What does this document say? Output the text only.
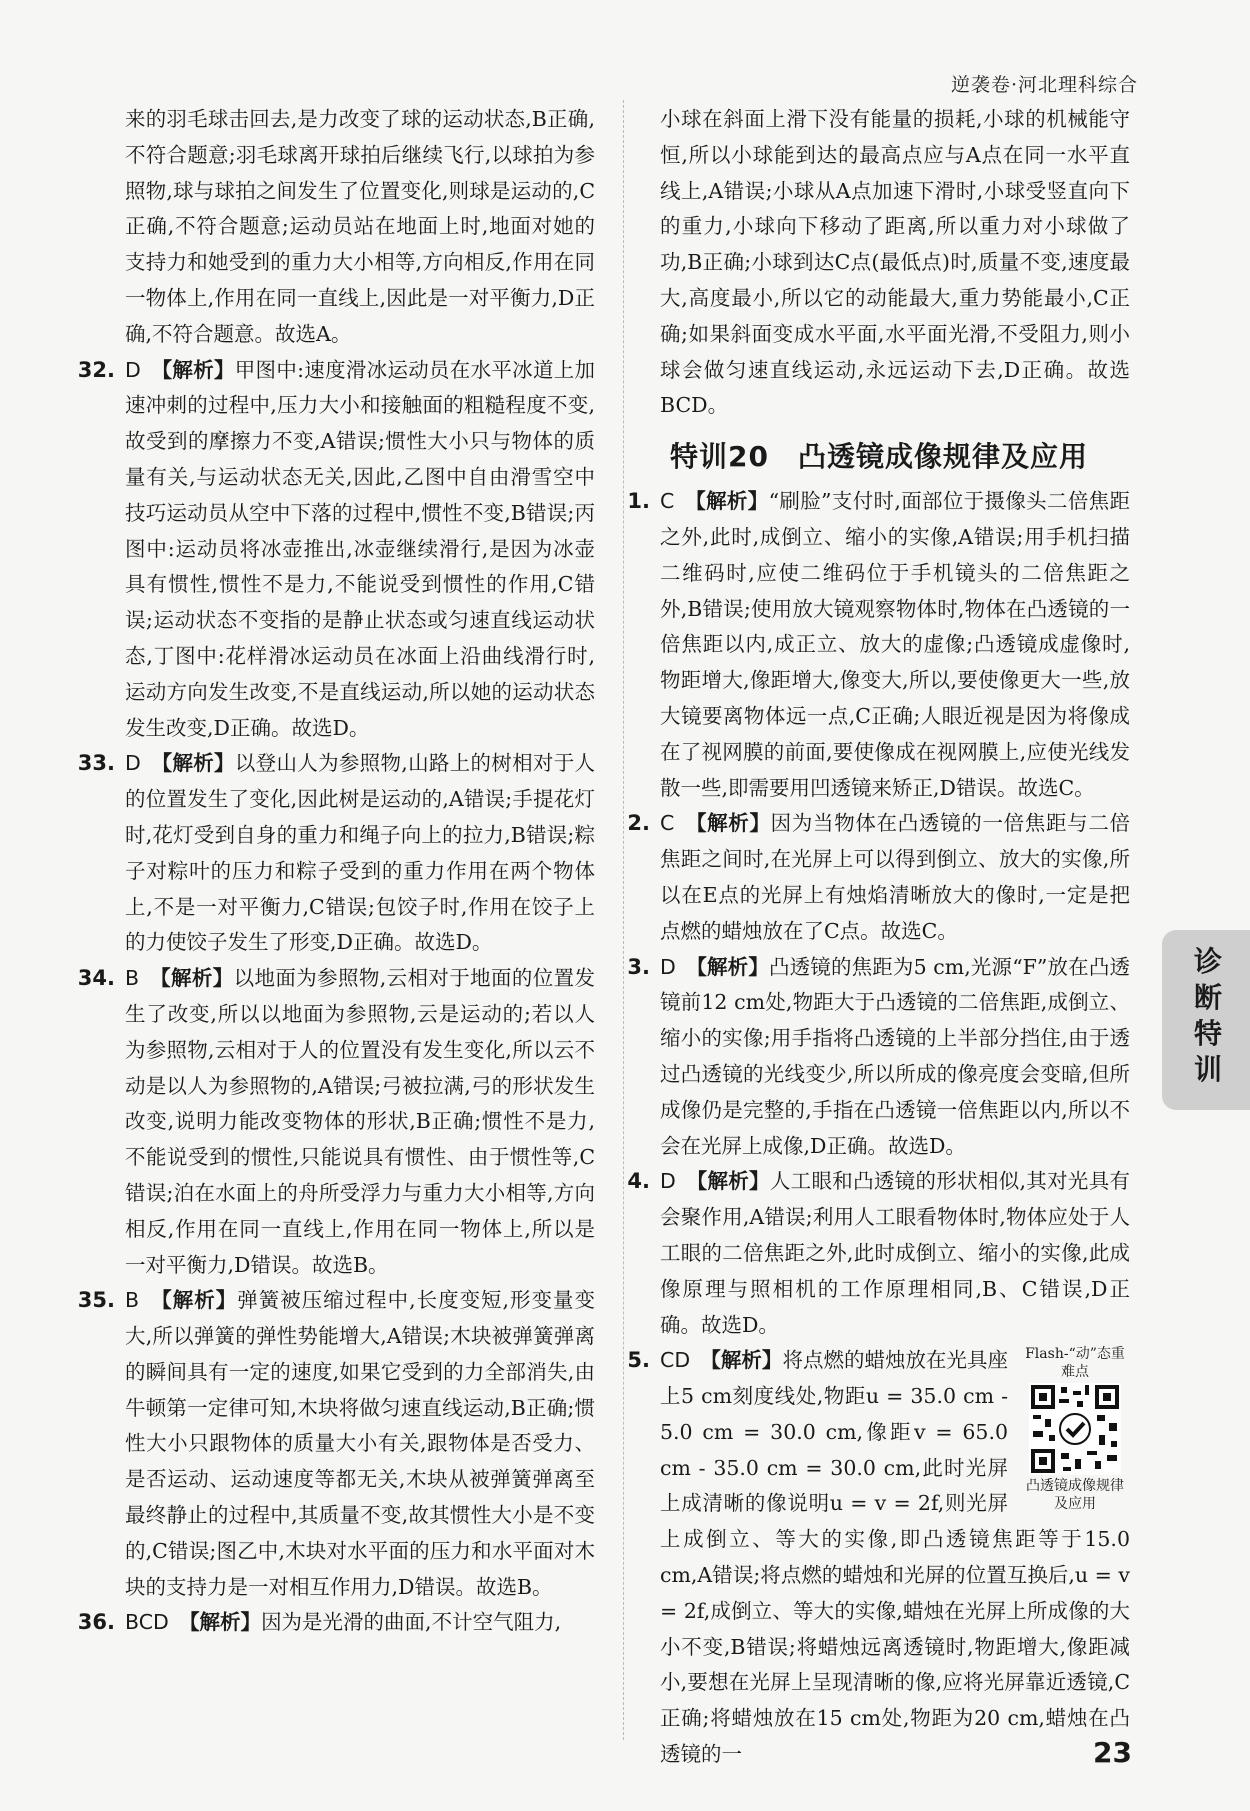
逆袭卷·河北理科综合

来的羽毛球击回去,是力改变了球的运动状态,B正确,不符合题意;羽毛球离开球拍后继续飞行,以球拍为参照物,球与球拍之间发生了位置变化,则球是运动的,C正确,不符合题意;运动员站在地面上时,地面对她的支持力和她受到的重力大小相等,方向相反,作用在同一物体上,作用在同一直线上,因此是一对平衡力,D正确,不符合题意。故选A。

32. D　 【解析】甲图中:速度滑冰运动员在水平冰道上加速冲刺的过程中,压力大小和接触面的粗糙程度不变,故受到的摩擦力不变,A错误;惯性大小只与物体的质量有关,与运动状态无关,因此,乙图中自由滑雪空中技巧运动员从空中下落的过程中,惯性不变,B错误;丙图中:运动员将冰壶推出,冰壶继续滑行,是因为冰壶具有惯性,惯性不是力,不能说受到惯性的作用,C错误;运动状态不变指的是静止状态或匀速直线运动状态,丁图中:花样滑冰运动员在冰面上沿曲线滑行时,运动方向发生改变,不是直线运动,所以她的运动状态发生改变,D正确。故选D。

33. D　 【解析】以登山人为参照物,山路上的树相对于人的位置发生了变化,因此树是运动的,A错误;手提花灯时,花灯受到自身的重力和绳子向上的拉力,B错误;粽子对粽叶的压力和粽子受到的重力作用在两个物体上,不是一对平衡力,C错误;包饺子时,作用在饺子上的力使饺子发生了形变,D正确。故选D。

34. B　 【解析】以地面为参照物,云相对于地面的位置发生了改变,所以以地面为参照物,云是运动的;若以人为参照物,云相对于人的位置没有发生变化,所以云不动是以人为参照物的,A错误;弓被拉满,弓的形状发生改变,说明力能改变物体的形状,B正确;惯性不是力,不能说受到的惯性,只能说具有惯性、由于惯性等,C错误;泊在水面上的舟所受浮力与重力大小相等,方向相反,作用在同一直线上,作用在同一物体上,所以是一对平衡力,D错误。故选B。

35. B　 【解析】弹簧被压缩过程中,长度变短,形变量变大,所以弹簧的弹性势能增大,A错误;木块被弹簧弹离的瞬间具有一定的速度,如果它受到的力全部消失,由牛顿第一定律可知,木块将做匀速直线运动,B正确;惯性大小只跟物体的质量大小有关,跟物体是否受力、是否运动、运动速度等都无关,木块从被弹簧弹离至最终静止的过程中,其质量不变,故其惯性大小是不变的,C错误;图乙中,木块对水平面的压力和水平面对木块的支持力是一对相互作用力,D错误。故选B。

36. BCD　 【解析】因为是光滑的曲面,不计空气阻力,

小球在斜面上滑下没有能量的损耗,小球的机械能守恒,所以小球能到达的最高点应与A点在同一水平直线上,A错误;小球从A点加速下滑时,小球受竖直向下的重力,小球向下移动了距离,所以重力对小球做了功,B正确;小球到达C点(最低点)时,质量不变,速度最大,高度最小,所以它的动能最大,重力势能最小,C正确;如果斜面变成水平面,水平面光滑,不受阻力,则小球会做匀速直线运动,永远运动下去,D正确。故选BCD。

特训20　凸透镜成像规律及应用

1. C　 【解析】“刷脸”支付时,面部位于摄像头二倍焦距之外,此时,成倒立、缩小的实像,A错误;用手机扫描二维码时,应使二维码位于手机镜头的二倍焦距之外,B错误;使用放大镜观察物体时,物体在凸透镜的一倍焦距以内,成正立、放大的虚像;凸透镜成虚像时,物距增大,像距增大,像变大,所以,要使像更大一些,放大镜要离物体远一点,C正确;人眼近视是因为将像成在了视网膜的前面,要使像成在视网膜上,应使光线发散一些,即需要用凹透镜来矫正,D错误。故选C。

2. C　 【解析】因为当物体在凸透镜的一倍焦距与二倍焦距之间时,在光屏上可以得到倒立、放大的实像,所以在E点的光屏上有烛焰清晰放大的像时,一定是把点燃的蜡烛放在了C点。故选C。

3. D　 【解析】凸透镜的焦距为5 cm,光源“F”放在凸透镜前12 cm处,物距大于凸透镜的二倍焦距,成倒立、缩小的实像;用手指将凸透镜的上半部分挡住,由于透过凸透镜的光线变少,所以所成的像亮度会变暗,但所成像仍是完整的,手指在凸透镜一倍焦距以内,所以不会在光屏上成像,D正确。故选D。

4. D　 【解析】人工眼和凸透镜的形状相似,其对光具有会聚作用,A错误;利用人工眼看物体时,物体应处于人工眼的二倍焦距之外,此时成倒立、缩小的实像,此成像原理与照相机的工作原理相同,B、C错误,D正确。故选D。

5.	Flash-“动”态重难点
凸透镜成像规律及应用
CD　 【解析】将点燃的蜡烛放在光具座上5 cm刻度线处,物距u = 35.0 cm - 5.0 cm = 30.0 cm,像距v = 65.0 cm - 35.0 cm = 30.0 cm,此时光屏上成清晰的像说明u = v = 2f,则光屏上成倒立、等大的实像,即凸透镜焦距等于15.0 cm,A错误;将点燃的蜡烛和光屏的位置互换后,u = v = 2f,成倒立、等大的实像,蜡烛在光屏上所成像的大小不变,B错误;将蜡烛远离透镜时,物距增大,像距减小,要想在光屏上呈现清晰的像,应将光屏靠近透镜,C正确;将蜡烛放在15 cm处,物距为20 cm,蜡烛在凸透镜的一

诊断特训
23
